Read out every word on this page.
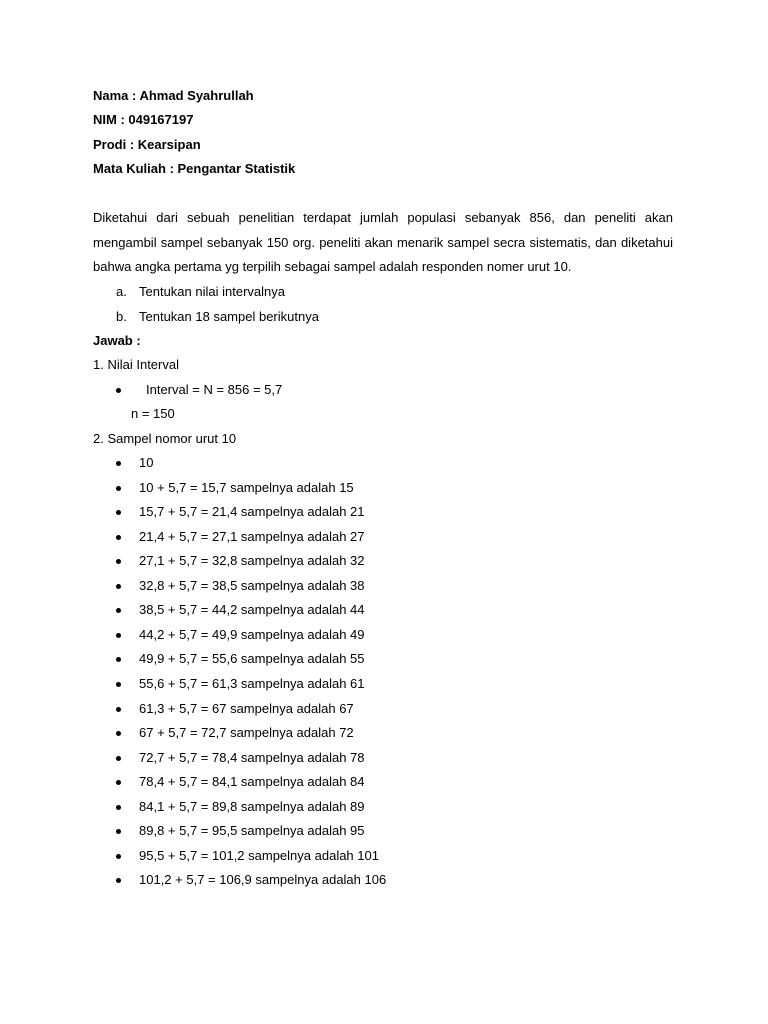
Nama : Ahmad Syahrullah
NIM : 049167197
Prodi : Kearsipan
Mata Kuliah : Pengantar Statistik
Diketahui dari sebuah penelitian terdapat jumlah populasi sebanyak 856, dan peneliti akan mengambil sampel sebanyak 150 org. peneliti akan menarik sampel secra sistematis, dan diketahui bahwa angka pertama yg terpilih sebagai sampel adalah responden nomer urut 10.
a. Tentukan nilai intervalnya
b. Tentukan 18 sampel berikutnya
Jawab :
1. Nilai Interval
Interval = N = 856 = 5,7
n = 150
2. Sampel nomor urut 10
10
10 + 5,7 = 15,7 sampelnya adalah 15
15,7 + 5,7 = 21,4 sampelnya adalah 21
21,4 + 5,7 = 27,1 sampelnya adalah 27
27,1 + 5,7 = 32,8 sampelnya adalah 32
32,8 + 5,7 = 38,5 sampelnya adalah 38
38,5 + 5,7 = 44,2 sampelnya adalah 44
44,2 + 5,7 = 49,9 sampelnya adalah 49
49,9 + 5,7 = 55,6 sampelnya adalah 55
55,6 + 5,7 = 61,3 sampelnya adalah 61
61,3 + 5,7 = 67 sampelnya adalah 67
67 + 5,7 = 72,7 sampelnya adalah 72
72,7 + 5,7 = 78,4 sampelnya adalah 78
78,4 + 5,7 = 84,1 sampelnya adalah 84
84,1 + 5,7 = 89,8 sampelnya adalah 89
89,8 + 5,7 = 95,5 sampelnya adalah 95
95,5 + 5,7 = 101,2 sampelnya adalah 101
101,2 + 5,7 = 106,9 sampelnya adalah 106
